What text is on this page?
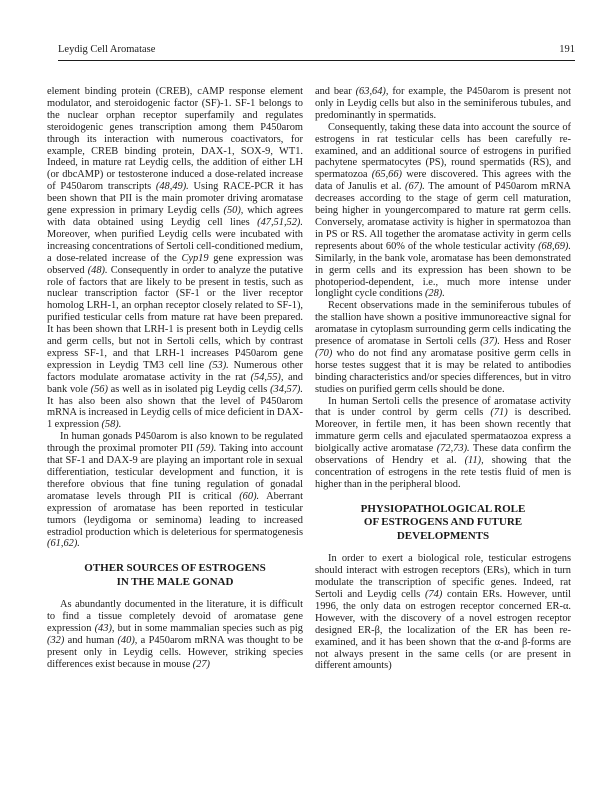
Leydig Cell Aromatase	191

element binding protein (CREB), cAMP response element modulator, and steroidogenic factor (SF)-1. SF-1 belongs to the nuclear orphan receptor superfamily and regulates steroidogenic genes transcription among them P450arom through its interaction with numerous coactivators, for example, CREB binding protein, DAX-1, SOX-9, WT1. Indeed, in mature rat Leydig cells, the addition of either LH (or dbcAMP) or testosterone induced a dose-related increase of P450arom transcripts (48,49). Using RACE-PCR it has been shown that PII is the main promoter driving aromatase gene expression in primary Leydig cells (50), which agrees with data obtained using Leydig cell lines (47,51,52). Moreover, when purified Leydig cells were incubated with increasing concentrations of Sertoli cell-conditioned medium, a dose-related increase of the Cyp19 gene expression was observed (48). Consequently in order to analyze the putative role of factors that are likely to be present in testis, such as nuclear transcription factor (SF-1 or the liver receptor homolog LRH-1, an orphan receptor closely related to SF-1), purified testicular cells from mature rat have been prepared. It has been shown that LRH-1 is present both in Leydig cells and germ cells, but not in Sertoli cells, which by contrast express SF-1, and that LRH-1 increases P450arom gene expression in Leydig TM3 cell line (53). Numerous other factors modulate aromatase activity in the rat (54,55), and bank vole (56) as well as in isolated pig Leydig cells (34,57). It has also been also shown that the level of P450arom mRNA is increased in Leydig cells of mice deficient in DAX-1 expression (58).

In human gonads P450arom is also known to be regulated through the proximal promoter PII (59). Taking into account that SF-1 and DAX-9 are playing an important role in sexual differentiation, testicular development and function, it is therefore obvious that fine tuning regulation of gonadal aromatase levels through PII is critical (60). Aberrant expression of aromatase has been reported in testicular tumors (leydigoma or seminoma) leading to increased estradiol production which is deleterious for spermatogenesis (61,62).

OTHER SOURCES OF ESTROGENS
IN THE MALE GONAD

As abundantly documented in the literature, it is difficult to find a tissue completely devoid of aromatase gene expression (43), but in some mammalian species such as pig (32) and human (40), a P450arom mRNA was thought to be present only in Leydig cells. However, striking species differences exist because in mouse (27)

and bear (63,64), for example, the P450arom is present not only in Leydig cells but also in the seminiferous tubules, and predominantly in spermatids.

Consequently, taking these data into account the source of estrogens in rat testicular cells has been carefully re-examined, and an additional source of estrogens in purified pachytene spermatocytes (PS), round spermatids (RS), and spermatozoa (65,66) were discovered. This agrees with the data of Janulis et al. (67). The amount of P450arom mRNA decreases according to the stage of germ cell maturation, being higher in youngercompared to mature rat germ cells. Conversely, aromatase activity is higher in spermatozoa than in PS or RS. All together the aromatase activity in germ cells represents about 60% of the whole testicular activity (68,69). Similarly, in the bank vole, aromatase has been demonstrated in germ cells and its expression has been shown to be photoperiod-dependent, i.e., much more intense under longlight cycle conditions (28).

Recent observations made in the seminiferous tubules of the stallion have shown a positive immunoreactive signal for aromatase in cytoplasm surrounding germ cells indicating the presence of aromatase in Sertoli cells (37). Hess and Roser (70) who do not find any aromatase positive germ cells in horse testes suggest that it is may be related to antibodies binding characteristics and/or species differences, but in vitro studies on purified germ cells should be done.

In human Sertoli cells the presence of aromatase activity that is under control by germ cells (71) is described. Moreover, in fertile men, it has been shown recently that immature germ cells and ejaculated spermataozoa express a biolgically active aromatase (72,73). These data confirm the observations of Hendry et al. (11), showing that the concentration of estrogens in the rete testis fluid of men is higher than in the peripheral blood.

PHYSIOPATHOLOGICAL ROLE
OF ESTROGENS AND FUTURE
DEVELOPMENTS

In order to exert a biological role, testicular estrogens should interact with estrogen receptors (ERs), which in turn modulate the transcription of specific genes. Indeed, rat Sertoli and Leydig cells (74) contain ERs. However, until 1996, the only data on estrogen receptor concerned ER-α. However, with the discovery of a novel estrogen receptor designed ER-β, the localization of the ER has been re-examined, and it has been shown that the α-and β-forms are not always present in the same cells (or are present in different amounts)
